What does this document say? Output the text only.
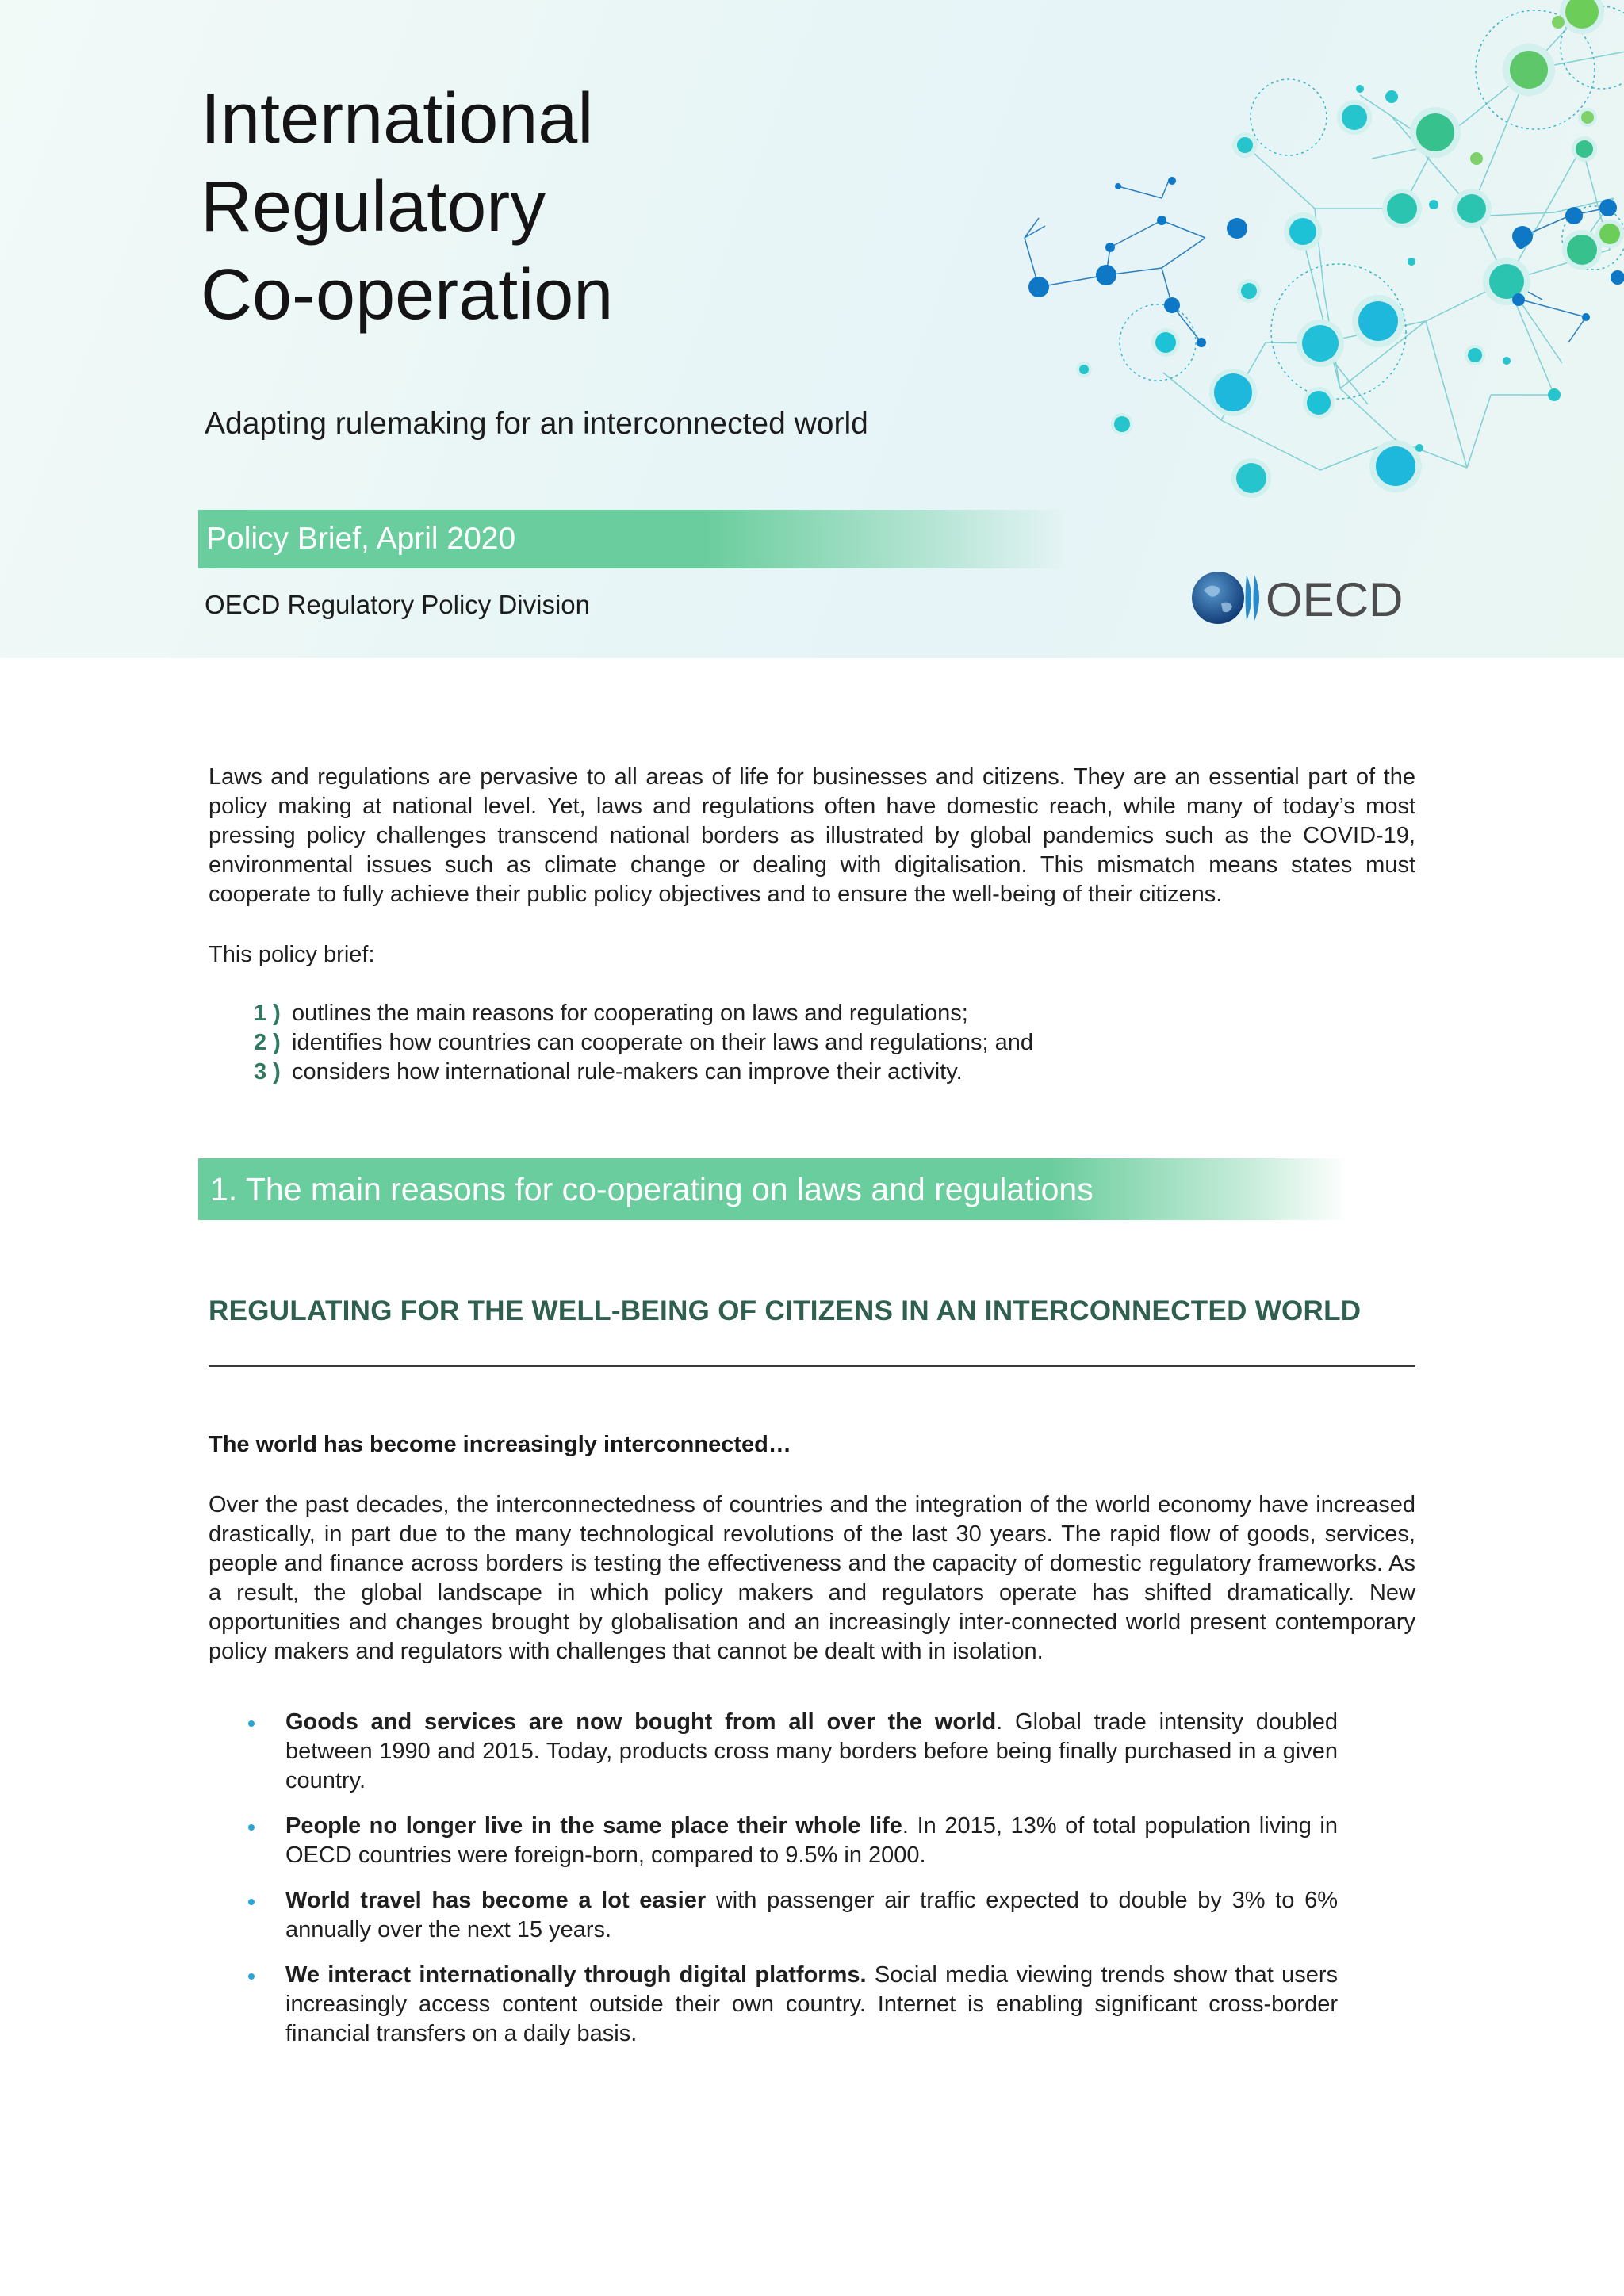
International
Regulatory
Co-operation
Adapting rulemaking for an interconnected world
Policy Brief, April 2020
OECD Regulatory Policy Division	OECD

Laws and regulations are pervasive to all areas of life for businesses and citizens. They are an essential part of the policy making at national level. Yet, laws and regulations often have domestic reach, while many of today’s most pressing policy challenges transcend national borders as illustrated by global pandemics such as the COVID-19, environmental issues such as climate change or dealing with digitalisation. This mismatch means states must cooperate to fully achieve their public policy objectives and to ensure the well-being of their citizens.

This policy brief:

1 ) outlines the main reasons for cooperating on laws and regulations;
2 ) identifies how countries can cooperate on their laws and regulations; and
3 ) considers how international rule-makers can improve their activity.
1. The main reasons for co-operating on laws and regulations
REGULATING FOR THE WELL-BEING OF CITIZENS IN AN INTERCONNECTED WORLD

The world has become increasingly interconnected…

Over the past decades, the interconnectedness of countries and the integration of the world economy have increased drastically, in part due to the many technological revolutions of the last 30 years. The rapid flow of goods, services, people and finance across borders is testing the effectiveness and the capacity of domestic regulatory frameworks. As a result, the global landscape in which policy makers and regulators operate has shifted dramatically. New opportunities and changes brought by globalisation and an increasingly inter-connected world present contemporary policy makers and regulators with challenges that cannot be dealt with in isolation.

Goods and services are now bought from all over the world. Global trade intensity doubled between 1990 and 2015. Today, products cross many borders before being finally purchased in a given country.
People no longer live in the same place their whole life. In 2015, 13% of total population living in OECD countries were foreign-born, compared to 9.5% in 2000.
World travel has become a lot easier with passenger air traffic expected to double by 3% to 6% annually over the next 15 years.
We interact internationally through digital platforms. Social media viewing trends show that users increasingly access content outside their own country. Internet is enabling significant cross-border financial transfers on a daily basis.
